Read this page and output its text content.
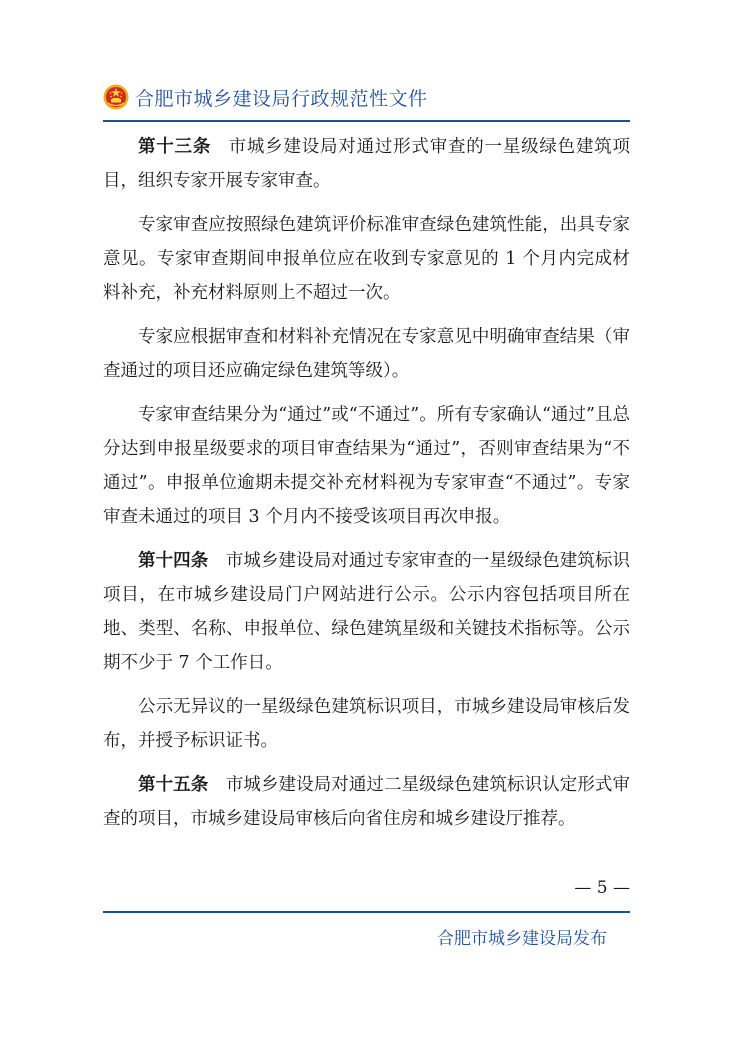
合肥市城乡建设局行政规范性文件

第十三条 市城乡建设局对通过形式审查的一星级绿色建筑项目，组织专家开展专家审查。

专家审查应按照绿色建筑评价标准审查绿色建筑性能，出具专家意见。专家审查期间申报单位应在收到专家意见的 1 个月内完成材料补充，补充材料原则上不超过一次。

专家应根据审查和材料补充情况在专家意见中明确审查结果（审查通过的项目还应确定绿色建筑等级）。

专家审查结果分为“通过”或“不通过”。所有专家确认“通过”且总分达到申报星级要求的项目审查结果为“通过”，否则审查结果为“不通过”。申报单位逾期未提交补充材料视为专家审查“不通过”。专家审查未通过的项目 3 个月内不接受该项目再次申报。

第十四条 市城乡建设局对通过专家审查的一星级绿色建筑标识项目，在市城乡建设局门户网站进行公示。公示内容包括项目所在地、类型、名称、申报单位、绿色建筑星级和关键技术指标等。公示期不少于 7 个工作日。

公示无异议的一星级绿色建筑标识项目，市城乡建设局审核后发布，并授予标识证书。

第十五条 市城乡建设局对通过二星级绿色建筑标识认定形式审查的项目，市城乡建设局审核后向省住房和城乡建设厅推荐。

— 5 —
合肥市城乡建设局发布
